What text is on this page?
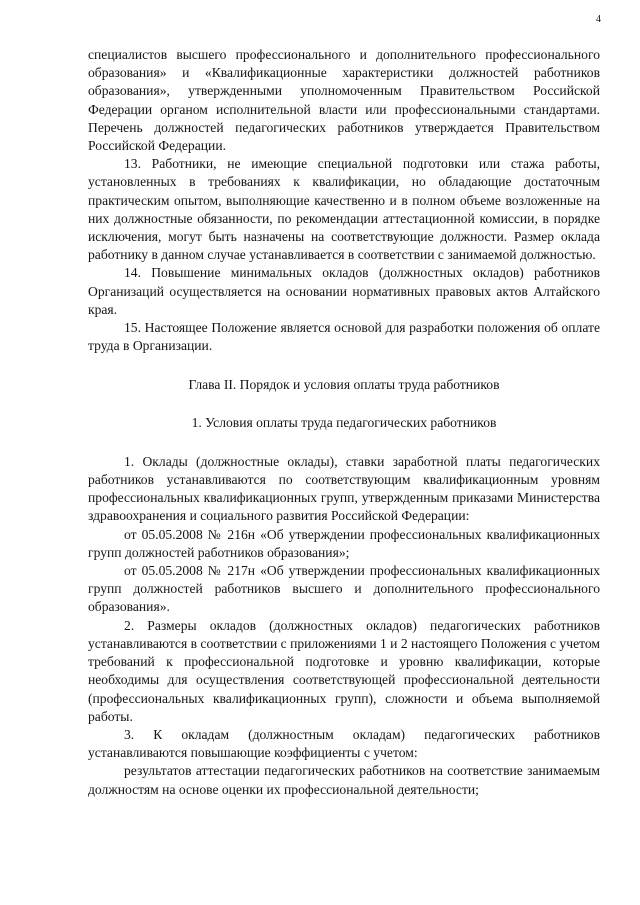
4

специалистов высшего профессионального и дополнительного профессионального образования» и «Квалификационные характеристики должностей работников образования», утвержденными уполномоченным Правительством Российской Федерации органом исполнительной власти или профессиональными стандартами. Перечень должностей педагогических работников утверждается Правительством Российской Федерации.

13. Работники, не имеющие специальной подготовки или стажа работы, установленных в требованиях к квалификации, но обладающие достаточным практическим опытом, выполняющие качественно и в полном объеме возложенные на них должностные обязанности, по рекомендации аттестационной комиссии, в порядке исключения, могут быть назначены на соответствующие должности. Размер оклада работнику в данном случае устанавливается в соответствии с занимаемой должностью.

14. Повышение минимальных окладов (должностных окладов) работников Организаций осуществляется на основании нормативных правовых актов Алтайского края.

15. Настоящее Положение является основой для разработки положения об оплате труда в Организации.

Глава II. Порядок и условия оплаты труда работников

1. Условия оплаты труда педагогических работников

1. Оклады (должностные оклады), ставки заработной платы педагогических работников устанавливаются по соответствующим квалификационным уровням профессиональных квалификационных групп, утвержденным приказами Министерства здравоохранения и социального развития Российской Федерации:

от 05.05.2008 № 216н «Об утверждении профессиональных квалификационных групп должностей работников образования»;

от 05.05.2008 № 217н «Об утверждении профессиональных квалификационных групп должностей работников высшего и дополнительного профессионального образования».

2. Размеры окладов (должностных окладов) педагогических работников устанавливаются в соответствии с приложениями 1 и 2 настоящего Положения с учетом требований к профессиональной подготовке и уровню квалификации, которые необходимы для осуществления соответствующей профессиональной деятельности (профессиональных квалификационных групп), сложности и объема выполняемой работы.

3. К окладам (должностным окладам) педагогических работников устанавливаются повышающие коэффициенты с учетом:

результатов аттестации педагогических работников на соответствие занимаемым должностям на основе оценки их профессиональной деятельности;
